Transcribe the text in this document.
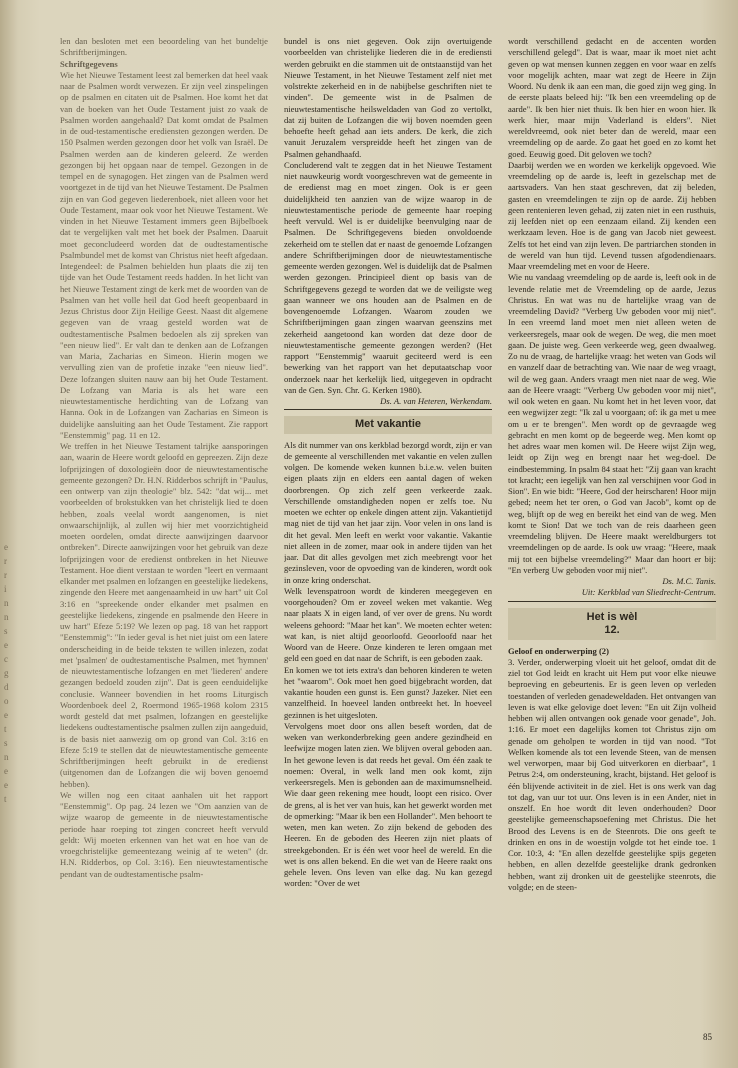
e
r
r
i
n
n
s
e
c
g
d
o
e
t
s
n
e
e
t

len dan besloten met een beoordeling van het bundeltje Schriftberijmingen.

Schriftgegevens

Wie het Nieuwe Testament leest zal bemerken dat heel vaak naar de Psalmen wordt verwezen. Er zijn veel zinspelingen op de psalmen en citaten uit de Psalmen. Hoe komt het dat van de boeken van het Oude Testament juist zo vaak de Psalmen worden aangehaald? Dat komt omdat de Psalmen in de oud-testamentische erediensten gezongen werden. De 150 Psalmen werden gezongen door het volk van Israël. De Psalmen werden aan de kinderen geleerd. Ze werden gezongen bij het opgaan naar de tempel. Gezongen in de tempel en de synagogen. Het zingen van de Psalmen werd voortgezet in de tijd van het Nieuwe Testament. De Psalmen zijn en van God gegeven liederenboek, niet alleen voor het Oude Testament, maar ook voor het Nieuwe Testament. We vinden in het Nieuwe Testament immers geen Bijbelboek dat te vergelijken valt met het boek der Psalmen. Daaruit moet geconcludeerd worden dat de oudtestamentische Psalmbundel met de komst van Christus niet heeft afgedaan. Integendeel: de Psalmen behielden hun plaats die zij ten tijde van het Oude Testament reeds hadden. In het licht van het Nieuwe Testament zingt de kerk met de woorden van de Psalmen van het volle heil dat God heeft geopenbaard in Jezus Christus door Zijn Heilige Geest. Naast dit algemene gegeven van de vraag gesteld worden wat de oudtestamentische Psalmen bedoelen als zij spreken van "een nieuw lied". Er valt dan te denken aan de Lofzangen van Maria, Zacharias en Simeon. Hierin mogen we vervulling zien van de profetie inzake "een nieuw lied". Deze lofzangen sluiten nauw aan bij het Oude Testament. De Lofzang van Maria is als het ware een nieuwtestamentische herdichting van de Lofzang van Hanna. Ook in de Lofzangen van Zacharias en Simeon is duidelijke aansluiting aan het Oude Testament. Zie rapport "Eenstemmig" pag. 11 en 12.

We treffen in het Nieuwe Testament talrijke aansporingen aan, waarin de Heere wordt geloofd en gepreezen. Zijn deze lofprijzingen of doxologieën door de nieuwtestamentische gemeente gezongen? Dr. H.N. Ridderbos schrijft in "Paulus, een ontwerp van zijn theologie" blz. 542: "dat wij... met voorbeelden of brokstukken van het christelijk lied te doen hebben, zoals veelal wordt aangenomen, is niet onwaarschijnlijk, al zullen wij hier met voorzichtigheid moeten oordelen, omdat directe aanwijzingen daarvoor ontbreken". Directe aanwijzingen voor het gebruik van deze lofprijzingen voor de eredienst ontbreken in het Nieuwe Testament. Hoe dient verstaan te worden "leert en vermaant elkander met psalmen en lofzangen en geestelijke liedekens, zingende den Heere met aangenaamheid in uw hart" uit Col 3:16 en "spreekende onder elkander met psalmen en geestelijke liedekens, zingende en psalmende den Heere in uw hart" Efeze 5:19? We lezen op pag. 18 van het rapport "Eenstemmig": "In ieder geval is het niet juist om een latere onderscheiding in de beide teksten te willen inlezen, zodat met 'psalmen' de oudtestamentische Psalmen, met 'hymnen' de nieuwtestamentische lofzangen en met 'liederen' andere gezangen bedoeld zouden zijn". Dat is geen eenduidelijke conclusie. Wanneer bovendien in het rooms Liturgisch Woordenboek deel 2, Roermond 1965-1968 kolom 2315 wordt gesteld dat met psalmen, lofzangen en geestelijke liedekens oudtestamentische psalmen zullen zijn aangeduid, is de basis niet aanwezig om op grond van Col. 3:16 en Efeze 5:19 te stellen dat de nieuwtestamentische gemeente Schriftberijmingen heeft gebruikt in de eredienst (uitgenomen dan de Lofzangen die wij boven genoemd hebben).

We willen nog een citaat aanhalen uit het rapport "Eenstemmig". Op pag. 24 lezen we "Om aanzien van de wijze waarop de gemeente in de nieuwtestamentische periode haar roeping tot zingen concreet heeft vervuld geldt: Wij moeten erkennen van het wat en hoe van de vroegchristelijke gemeentezang weinig af te weten" (dr. H.N. Ridderbos, op Col. 3:16). Een nieuwtestamentische pendant van de oudtestamentische psalm-

bundel is ons niet gegeven. Ook zijn overtuigende voorbeelden van christelijke liederen die in de erediensti werden gebruikt en die stammen uit de ontstaanstijd van het Nieuwe Testament, in het Nieuwe Testament zelf niet met volstrekte zekerheid en in de nabijbelse geschriften niet te vinden". De gemeente wist in de Psalmen de nieuwtestamentische heilsweldaden van God zo vertolkt, dat zij buiten de Lofzangen die wij boven noemden geen behoefte heeft gehad aan iets anders. De kerk, die zich vanuit Jeruzalem verspreidde heeft het zingen van de Psalmen gehandhaafd.

Concluderend valt te zeggen dat in het Nieuwe Testament niet nauwkeurig wordt voorgeschreven wat de gemeente in de eredienst mag en moet zingen. Ook is er geen duidelijkheid ten aanzien van de wijze waarop in de nieuwtestamentische periode de gemeente haar roeping heeft vervuld. Wel is er duidelijke beenvulging naar de Psalmen. De Schriftgegevens bieden onvoldoende zekerheid om te stellen dat er naast de genoemde Lofzangen andere Schriftberijmingen door de nieuwtestamentische gemeente werden gezongen. Wel is duidelijk dat de Psalmen werden gezongen. Principieel dient op basis van de Schriftgegevens gezegd te worden dat we de veiligste weg gaan wanneer we ons houden aan de Psalmen en de bovengenoemde Lofzangen. Waarom zouden we Schriftberijmingen gaan zingen waarvan geenszins met zekerheid aangetoond kan worden dat deze door de nieuwtestamentische gemeente gezongen werden? (Het rapport "Eenstemmig" waaruit geciteerd werd is een bewerking van het rapport van het deputaatschap voor onderzoek naar het kerkelijk lied, uitgegeven in opdracht van de Gen. Syn. Chr. G. Kerken 1980).

Ds. A. van Heteren, Werkendam.

Met vakantie

Als dit nummer van ons kerkblad bezorgd wordt, zijn er van de gemeente al verschillenden met vakantie en velen zullen volgen. De komende weken kunnen b.i.e.w. velen buiten eigen plaats zijn en elders een aantal dagen of weken doorbrengen. Op zich zelf geen verkeerde zaak. Verschillende omstandigheden nopen er zelfs toe. Nu moeten we echter op enkele dingen attent zijn. Vakantietijd mag niet de tijd van het jaar zijn. Voor velen in ons land is dit het geval. Men leeft en werkt voor vakantie. Vakantie niet alleen in de zomer, maar ook in andere tijden van het jaar. Dat dit alles gevolgen met zich meebrengt voor het gezinsleven, voor de opvoeding van de kinderen, wordt ook in onze kring onderschat.

Welk levenspatroon wordt de kinderen meegegeven en voorgehouden? Om er zoveel weken met vakantie. Weg naar plaats X in eigen land, of ver over de grens. Nu wordt weleens gehoord: "Maar het kan". We moeten echter weten: wat kan, is niet altijd geoorloofd. Geoorloofd naar het Woord van de Heere. Onze kinderen te leren omgaan met geld een goed en dat naar de Schrift, is een geboden zaak.

En komen we tot iets extra's dan behoren kinderen te weten het "waarom". Ook moet hen goed bijgebracht worden, dat vakantie houden een gunst is. Een gunst? Jazeker. Niet een vanzelfheid. In hoeveel landen ontbreekt het. In hoeveel gezinnen is het uitgesloten.

Vervolgens moet door ons allen beseft worden, dat de weken van werkonderbreking geen andere gezindheid en leefwijze mogen laten zien. We blijven overal geboden aan. In het gewone leven is dat reeds het geval. Om één zaak te noemen: Overal, in welk land men ook komt, zijn verkeersregels. Men is gebonden aan de maximumsnelheid. Wie daar geen rekening mee houdt, loopt een risico. Over de grens, al is het ver van huis, kan het gewerkt worden met de opmerking: "Maar ik ben een Hollander". Men behoort te weten, men kan weten. Zo zijn bekend de geboden des Heeren. En de geboden des Heeren zijn niet plaats of streekgebonden. Er is één wet voor heel de wereld. En die wet is ons allen bekend. En die wet van de Heere raakt ons gehele leven. Ons leven van elke dag. Nu kan gezegd worden: "Over de wet

wordt verschillend gedacht en de accenten worden verschillend gelegd". Dat is waar, maar ik moet niet acht geven op wat mensen kunnen zeggen en voor waar en zelfs voor mogelijk achten, maar wat zegt de Heere in Zijn Woord. Nu denk ik aan een man, die goed zijn weg ging. In de eerste plaats beleed hij: "Ik ben een vreemdeling op de aarde". Ik ben hier niet thuis. Ik ben hier en woon hier. Ik werk hier, maar mijn Vaderland is elders". Niet wereldvreemd, ook niet beter dan de wereld, maar een vreemdeling op de aarde. Zo gaat het goed en zo komt het goed. Eeuwig goed. Dit geloven we toch?

Daarbij werden we en worden we kerkelijk opgevoed. Wie vreemdeling op de aarde is, leeft in gezelschap met de aartsvaders. Van hen staat geschreven, dat zij beleden, gasten en vreemdelingen te zijn op de aarde. Zij hebben geen rentenieren leven gehad, zij zaten niet in een rusthuis, zij leefden niet op een eenzaam eiland. Zij kenden een werkzaam leven. Hoe is de gang van Jacob niet geweest. Zelfs tot het eind van zijn leven. De partriarchen stonden in de wereld van hun tijd. Levend tussen afgodendienaars. Maar vreemdeling met en voor de Heere.

Wie nu vandaag vreemdeling op de aarde is, leeft ook in de levende relatie met de Vreemdeling op de aarde, Jezus Christus. En wat was nu de hartelijke vraag van de vreemdeling David? "Verberg Uw geboden voor mij niet". In een vreemd land moet men niet alleen weten de verkeersregels, maar ook de wegen. De weg, die men moet gaan. De juiste weg. Geen verkeerde weg, geen dwaalweg. Zo nu de vraag, de hartelijke vraag: het weten van Gods wil en vanzelf daar de betrachting van. Wie naar de weg vraagt, wil de weg gaan. Anders vraagt men niet naar de weg. Wie aan de Heere vraagt: "Verberg Uw geboden voor mij niet", wil ook weten en gaan. Nu komt het in het leven voor, dat een wegwijzer zegt: "Ik zal u voorgaan; of: ik ga met u mee om u er te brengen". Men wordt op de gevraagde weg gebracht en men komt op de begeerde weg. Men komt op het adres waar men komen wil. De Heere wijst Zijn weg, leidt op Zijn weg en brengt naar het weg-doel. De eindbestemming. In psalm 84 staat het: "Zij gaan van kracht tot kracht; een iegelijk van hen zal verschijnen voor God in Sion". En wie bidt: "Heere, God der heirscharen! Hoor mijn gebed; neem het ter oren, o God van Jacob", komt op de weg, blijft op de weg en bereikt het eind van de weg. Men komt te Sion! Dat we toch van de reis daarheen geen vreemdeling blijven. De Heere maakt wereldburgers tot vreemdelingen op de aarde. Is ook uw vraag: "Heere, maak mij tot een bijbelse vreemdeling?" Maar dan hoort er bij: "En verberg Uw geboden voor mij niet".

Ds. M.C. Tanis.

Uit: Kerkblad van Sliedrecht-Centrum.

Het is wèl
12.

Geloof en onderwerping (2)

3. Verder, onderwerping vloeit uit het geloof, omdat dit de ziel tot God leidt en kracht uit Hem put voor elke nieuwe beproeving en gebeurtenis. Er is geen leven op verleden toestanden of verleden genadeweldaden. Het ontvangen van leven is wat elke gelovige doet leven: "En uit Zijn volheid hebben wij allen ontvangen ook genade voor genade", Joh. 1:16. Er moet een dagelijks komen tot Christus zijn om genade om geholpen te worden in tijd van nood. "Tot Welken komende als tot een levende Steen, van de mensen wel verworpen, maar bij God uitverkoren en dierbaar", 1 Petrus 2:4, om ondersteuning, kracht, bijstand. Het geloof is één blijvende activiteit in de ziel. Het is ons werk van dag tot dag, van uur tot uur. Ons leven is in een Ander, niet in onszelf. En hoe wordt dit leven onderhouden? Door geestelijke gemeenschapsoefening met Christus. Die het Brood des Levens is en de Steenrots. Die ons geeft te drinken en ons in de woestijn volgde tot het einde toe. 1 Cor. 10:3, 4: "En allen dezelfde geestelijke spijs gegeten hebben, en allen dezelfde geestelijke drank gedronken hebben, want zij dronken uit de geestelijke steenrots, die volgde; en de steen-

85
